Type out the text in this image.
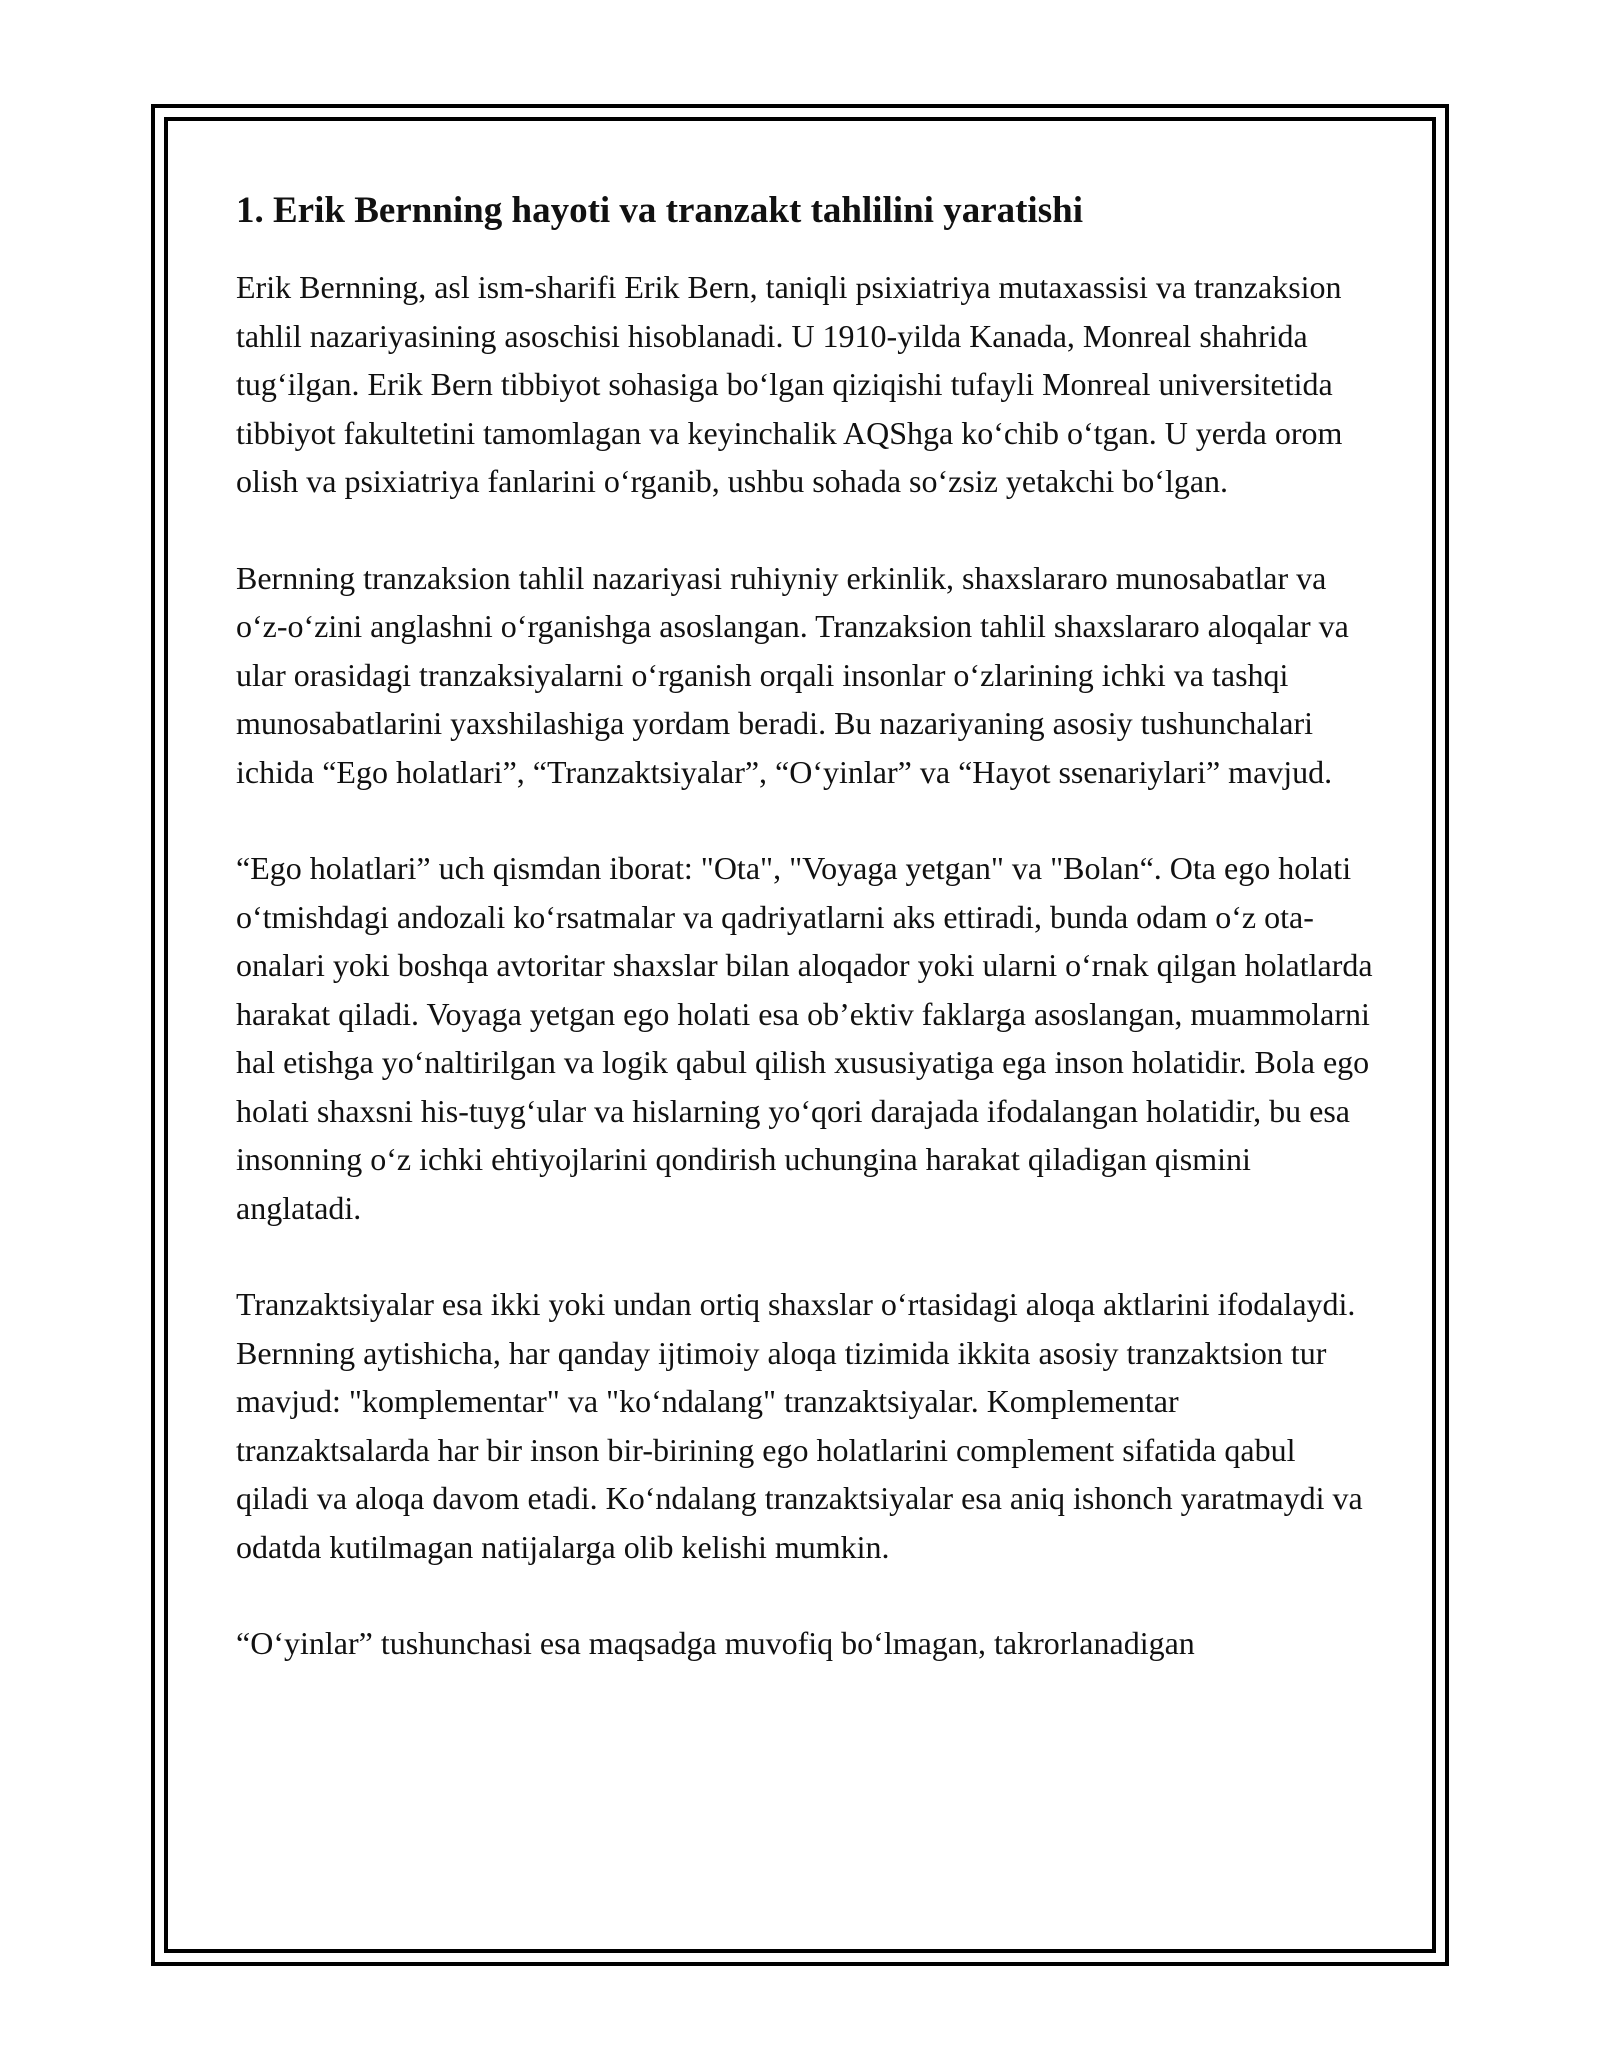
1. Erik Bernning hayoti va tranzakt tahlilini yaratishi

Erik Bernning, asl ism-sharifi Erik Bern, taniqli psixiatriya mutaxassisi va tranzaksion tahlil nazariyasining asoschisi hisoblanadi. U 1910-yilda Kanada, Monreal shahrida tug‘ilgan. Erik Bern tibbiyot sohasiga bo‘lgan qiziqishi tufayli Monreal universitetida tibbiyot fakultetini tamomlagan va keyinchalik AQShga ko‘chib o‘tgan. U yerda orom olish va psixiatriya fanlarini o‘rganib, ushbu sohada so‘zsiz yetakchi bo‘lgan.

Bernning tranzaksion tahlil nazariyasi ruhiyniy erkinlik, shaxslararo munosabatlar va o‘z-o‘zini anglashni o‘rganishga asoslangan. Tranzaksion tahlil shaxslararo aloqalar va ular orasidagi tranzaksiyalarni o‘rganish orqali insonlar o‘zlarining ichki va tashqi munosabatlarini yaxshilashiga yordam beradi. Bu nazariyaning asosiy tushunchalari ichida “Ego holatlari”, “Tranzaktsiyalar”, “O‘yinlar” va “Hayot ssenariylari” mavjud.

“Ego holatlari” uch qismdan iborat: "Ota", "Voyaga yetgan" va "Bolan“. Ota ego holati o‘tmishdagi andozali ko‘rsatmalar va qadriyatlarni aks ettiradi, bunda odam o‘z ota-onalari yoki boshqa avtoritar shaxslar bilan aloqador yoki ularni o‘rnak qilgan holatlarda harakat qiladi. Voyaga yetgan ego holati esa ob’ektiv faklarga asoslangan, muammolarni hal etishga yo‘naltirilgan va logik qabul qilish xususiyatiga ega inson holatidir. Bola ego holati shaxsni his-tuyg‘ular va hislarning yo‘qori darajada ifodalangan holatidir, bu esa insonning o‘z ichki ehtiyojlarini qondirish uchungina harakat qiladigan qismini anglatadi.

Tranzaktsiyalar esa ikki yoki undan ortiq shaxslar o‘rtasidagi aloqa aktlarini ifodalaydi. Bernning aytishicha, har qanday ijtimoiy aloqa tizimida ikkita asosiy tranzaktsion tur mavjud: "komplementar" va "ko‘ndalang" tranzaktsiyalar. Komplementar tranzaktsalarda har bir inson bir-birining ego holatlarini complement sifatida qabul qiladi va aloqa davom etadi. Ko‘ndalang tranzaktsiyalar esa aniq ishonch yaratmaydi va odatda kutilmagan natijalarga olib kelishi mumkin.

“O‘yinlar” tushunchasi esa maqsadga muvofiq bo‘lmagan, takrorlanadigan
